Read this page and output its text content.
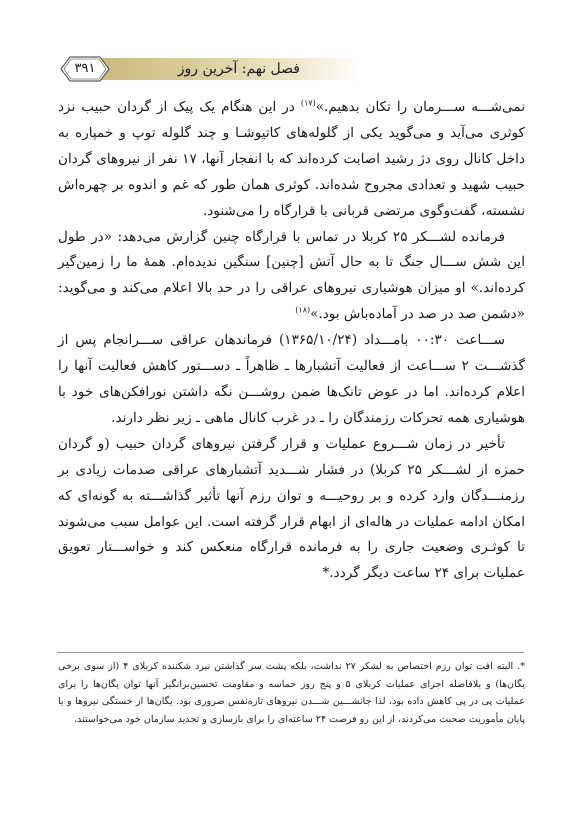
۳۹۱	فصل نهم: آخرین روز

نمی‌شـــه ســـرمان را تکان بدهیم.»$^{(۱۷)}$ در این هنگام یک پیک از گردان حبیب نزد کوثری می‌آید و می‌گوید یکی از گلوله‌های کاتیوشـا و چند گلوله توپ و خمپاره به داخل کانال روی دژ رشید اصابت کرده‌اند که با انفجار آنها، ۱۷ نفر از نیروهای گردان حبیب شهید و تعدادی مجروح شده‌اند. کوثری همان طور که غم و اندوه بر چهره‌اش نشسته، گفت‌وگوی مرتضی قربانی با قرارگاه را می‌شنود.

فرمانده لشـــکر ۲۵ کربلا در تماس با قرارگاه چنین گزارش می‌دهد: «در طول این شش ســـال جنگ تا به حال آتش [چنین] سنگین ندیده‌ام. همهٔ ما را زمین‌گیر کرده‌اند.» او میزان هوشیاری نیروهای عراقی را در حد بالا اعلام می‌کند و می‌گوید: «دشمن صد در صد در آماده‌باش بود.»$^{(۱۸)}$

ســـاعت ۰۰:۳۰ بامـــداد (۱۳۶۵/۱۰/۲۴) فرماندهان عراقی ســـرانجام پس از گذشـــت ۲ ســـاعت از فعالیت آتشبارها ـ ظاهراً ـ دســـتور کاهش فعالیت آنها را اعلام کرده‌اند. اما در عوض تانک‌ها ضمن روشـــن نگه داشتن نورافکن‌های خود با هوشیاری همه تحرکات رزمندگان را ـ در غرب کانال ماهی ـ زیر نظر دارند.

تأخیر در زمان شـــروع عملیات و قرار گرفتن نیروهای گردان حبیب (و گردان حمزه از لشـــکر ۲۵ کربلا) در فشار شـــدید آتشبارهای عراقی صدمات زیادی بر رزمنـــدگان وارد کرده و بر روحیـــه و توان رزم آنها تأثیر گذاشـــته به گونه‌ای که امکان ادامه عملیات در هاله‌ای از ابهام قرار گرفته است. این عوامل سبب می‌شوند تا کوثـری وضعیت جاری را به فرمانده قرارگاه منعکس کند و خواســـتار تعویق عملیات برای ۲۴ ساعت دیگر گردد.*

*. البته افت توان رزم اختصاص به لشکر ۲۷ نداشت، بلکه پشت سر گذاشتن نبرد شکننده کربلای ۴ (از سوی برخی یگان‌ها) و بلافاصله اجرای عملیات کربلای ۵ و پنج روز حماسه و مقاومت تحسین‌برانگیز آنها توان یگان‌ها را برای عملیات پی در پی کاهش داده بود، لذا جانشـــین شـــدن نیروهای تازه‌نفس ضروری بود. یگان‌ها از خستگی نیروها و یا پایان مأموریت صحبت می‌کردند، از این رو فرصت ۲۴ ساعته‌ای را برای بازسازی و تجدید سازمان خود می‌خواستند.
